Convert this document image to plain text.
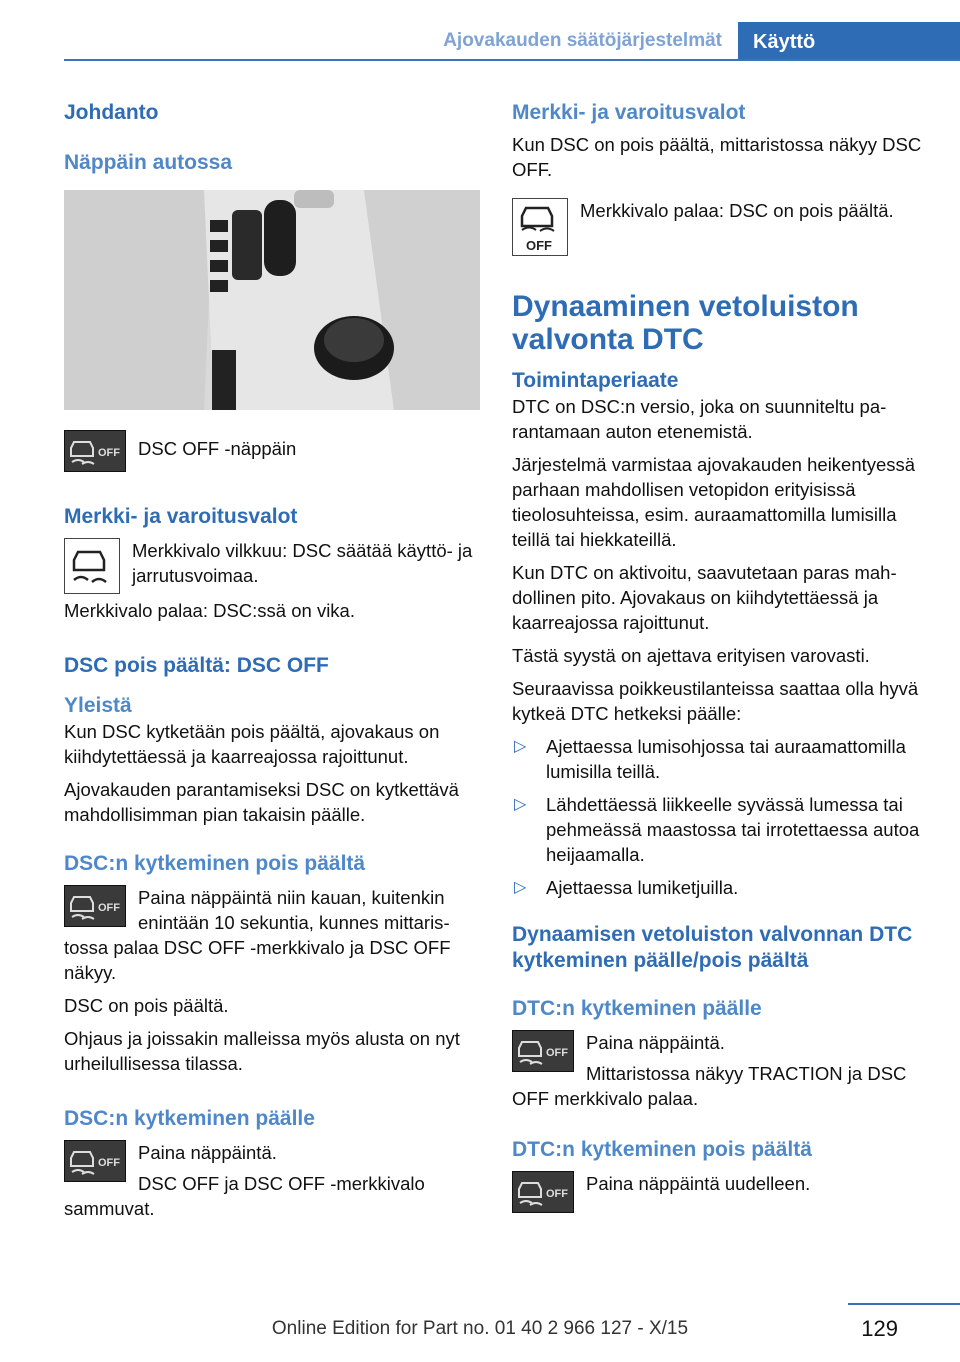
Ajovakauden säätöjärjestelmät	Käyttö

Johdanto

Näppäin autossa

OFF DSC OFF -näppäin

Merkki- ja varoitusvalot

Merkkivalo vilkkuu: DSC säätää käyttö- ja jarrutusvoimaa.

Merkkivalo palaa: DSC:ssä on vika.

DSC pois päältä: DSC OFF

Yleistä

Kun DSC kytketään pois päältä, ajovakaus on kiihdytettäessä ja kaarreajossa rajoittunut.

Ajovakauden parantamiseksi DSC on kytkettävä mahdollisimman pian takaisin päälle.

DSC:n kytkeminen pois päältä

OFF Paina näppäintä niin kauan, kuitenkin enintään 10 sekuntia, kunnes mittaristossa palaa DSC OFF -merkkivalo ja DSC OFF näkyy.

DSC on pois päältä.

Ohjaus ja joissakin malleissa myös alusta on nyt urheilullisessa tilassa.

DSC:n kytkeminen päälle

OFF Paina näppäintä.

DSC OFF ja DSC OFF -merkkivalo sammuvat.

Merkki- ja varoitusvalot

Kun DSC on pois päältä, mittaristossa näkyy DSC OFF.

OFF

Merkkivalo palaa: DSC on pois päältä.

Dynaaminen vetoluiston valvonta DTC

Toimintaperiaate

DTC on DSC:n versio, joka on suunniteltu parantamaan auton etenemistä.

Järjestelmä varmistaa ajovakauden heikentyessä parhaan mahdollisen vetopidon erityisissä tieolosuhteissa, esim. auraamattomilla lumisilla teillä tai hiekkateillä.

Kun DTC on aktivoitu, saavutetaan paras mahdollinen pito. Ajovakaus on kiihdytettäessä ja kaarreajossa rajoittunut.

Tästä syystä on ajettava erityisen varovasti.

Seuraavissa poikkeustilanteissa saattaa olla hyvä kytkeä DTC hetkeksi päälle:

▷ Ajettaessa lumisohjossa tai auraamattomilla lumisilla teillä.
▷ Lähdettäessä liikkeelle syvässä lumessa tai pehmeässä maastossa tai irrotettaessa autoa heijaamalla.
▷ Ajettaessa lumiketjuilla.

Dynaamisen vetoluiston valvonnan DTC kytkeminen päälle/pois päältä

DTC:n kytkeminen päälle

OFF Paina näppäintä.

Mittaristossa näkyy TRACTION ja DSC OFF merkkivalo palaa.

DTC:n kytkeminen pois päältä

OFF Paina näppäintä uudelleen.

129
Online Edition for Part no. 01 40 2 966 127 - X/15
